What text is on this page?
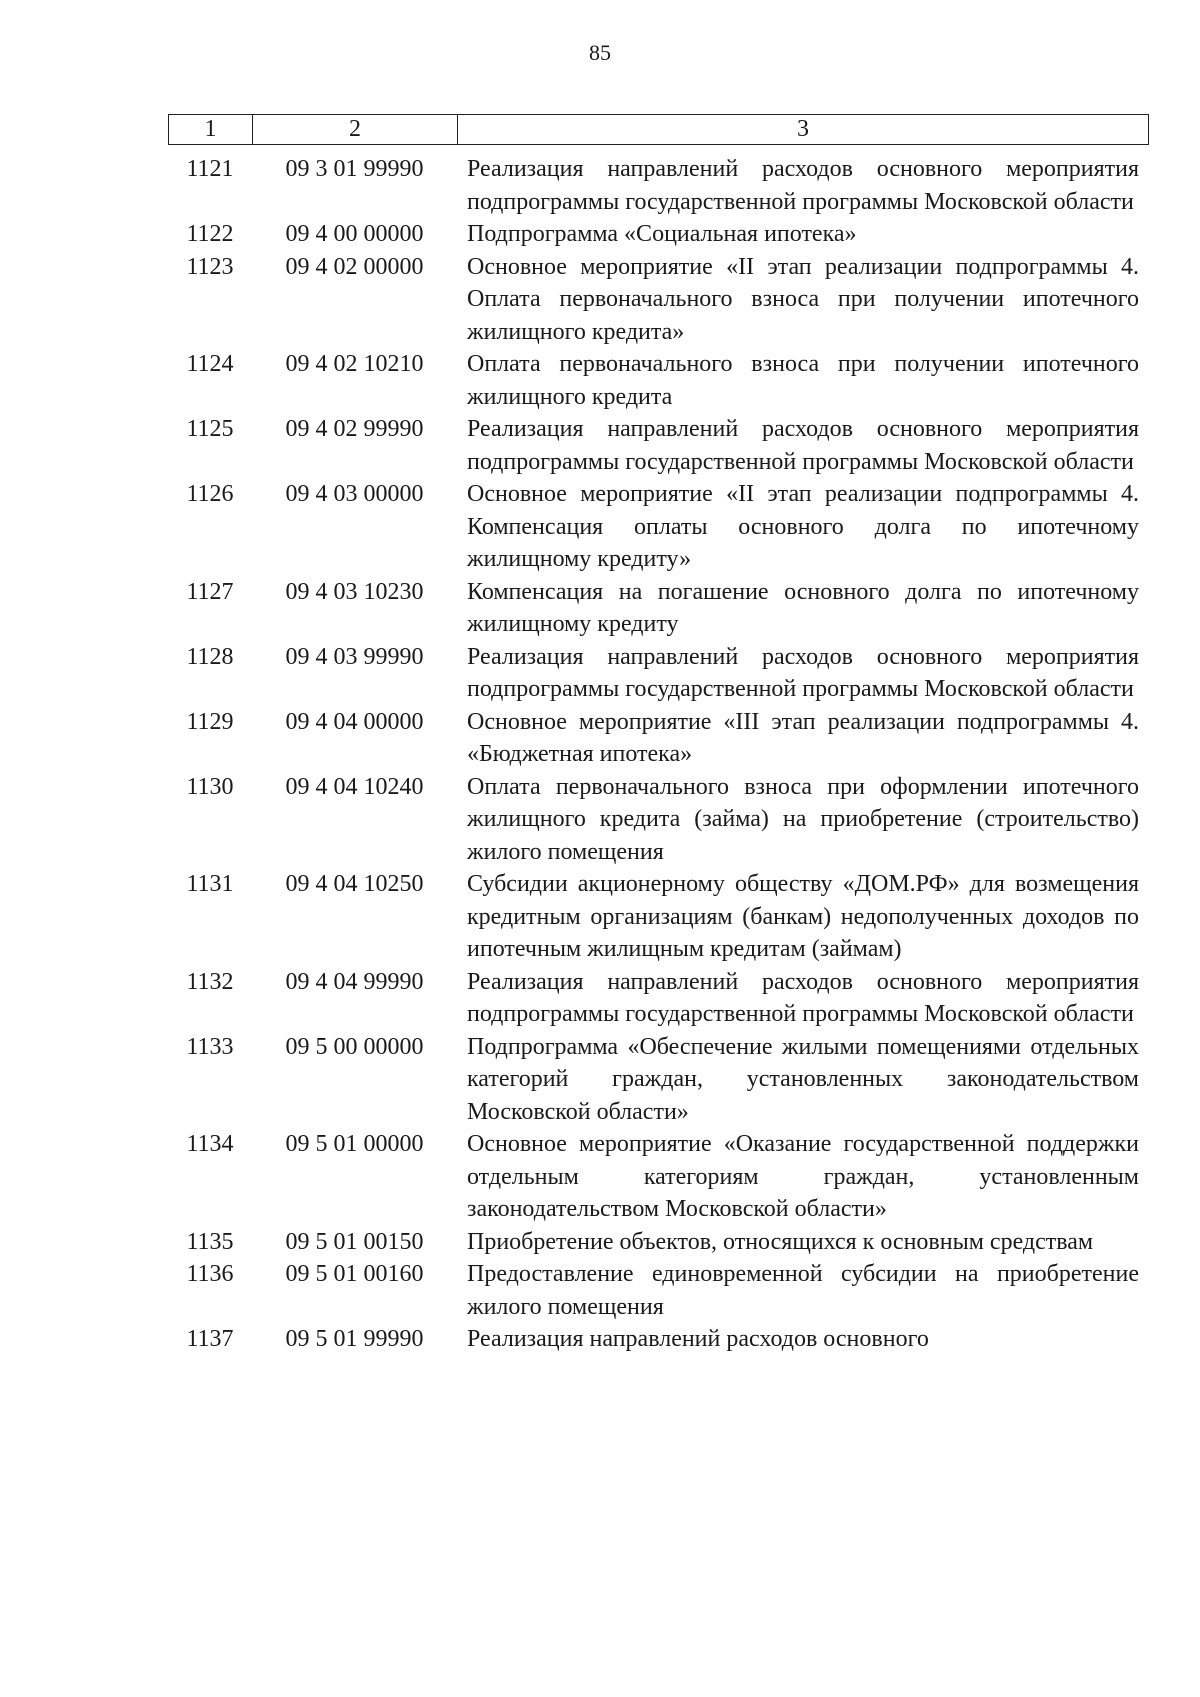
85
1	2	3
1121	09 3 01 99990	Реализация направлений расходов основного мероприятия подпрограммы государственной программы Московской области
1122	09 4 00 00000	Подпрограмма «Социальная ипотека»
1123	09 4 02 00000	Основное мероприятие «II этап реализации подпрограммы 4. Оплата первоначального взноса при получении ипотечного жилищного кредита»
1124	09 4 02 10210	Оплата первоначального взноса при получении ипотечного жилищного кредита
1125	09 4 02 99990	Реализация направлений расходов основного мероприятия подпрограммы государственной программы Московской области
1126	09 4 03 00000	Основное мероприятие «II этап реализации подпрограммы 4. Компенсация оплаты основного долга по ипотечному жилищному кредиту»
1127	09 4 03 10230	Компенсация на погашение основного долга по ипотечному жилищному кредиту
1128	09 4 03 99990	Реализация направлений расходов основного мероприятия подпрограммы государственной программы Московской области
1129	09 4 04 00000	Основное мероприятие «III этап реализации подпрограммы 4. «Бюджетная ипотека»
1130	09 4 04 10240	Оплата первоначального взноса при оформлении ипотечного жилищного кредита (займа) на приобретение (строительство) жилого помещения
1131	09 4 04 10250	Субсидии акционерному обществу «ДОМ.РФ» для возмещения кредитным организациям (банкам) недополученных доходов по ипотечным жилищным кредитам (займам)
1132	09 4 04 99990	Реализация направлений расходов основного мероприятия подпрограммы государственной программы Московской области
1133	09 5 00 00000	Подпрограмма «Обеспечение жилыми помещениями отдельных категорий граждан, установленных законодательством Московской области»
1134	09 5 01 00000	Основное мероприятие «Оказание государственной поддержки отдельным категориям граждан, установленным законодательством Московской области»
1135	09 5 01 00150	Приобретение объектов, относящихся к основным средствам
1136	09 5 01 00160	Предоставление единовременной субсидии на приобретение жилого помещения
1137	09 5 01 99990	Реализация направлений расходов основного
